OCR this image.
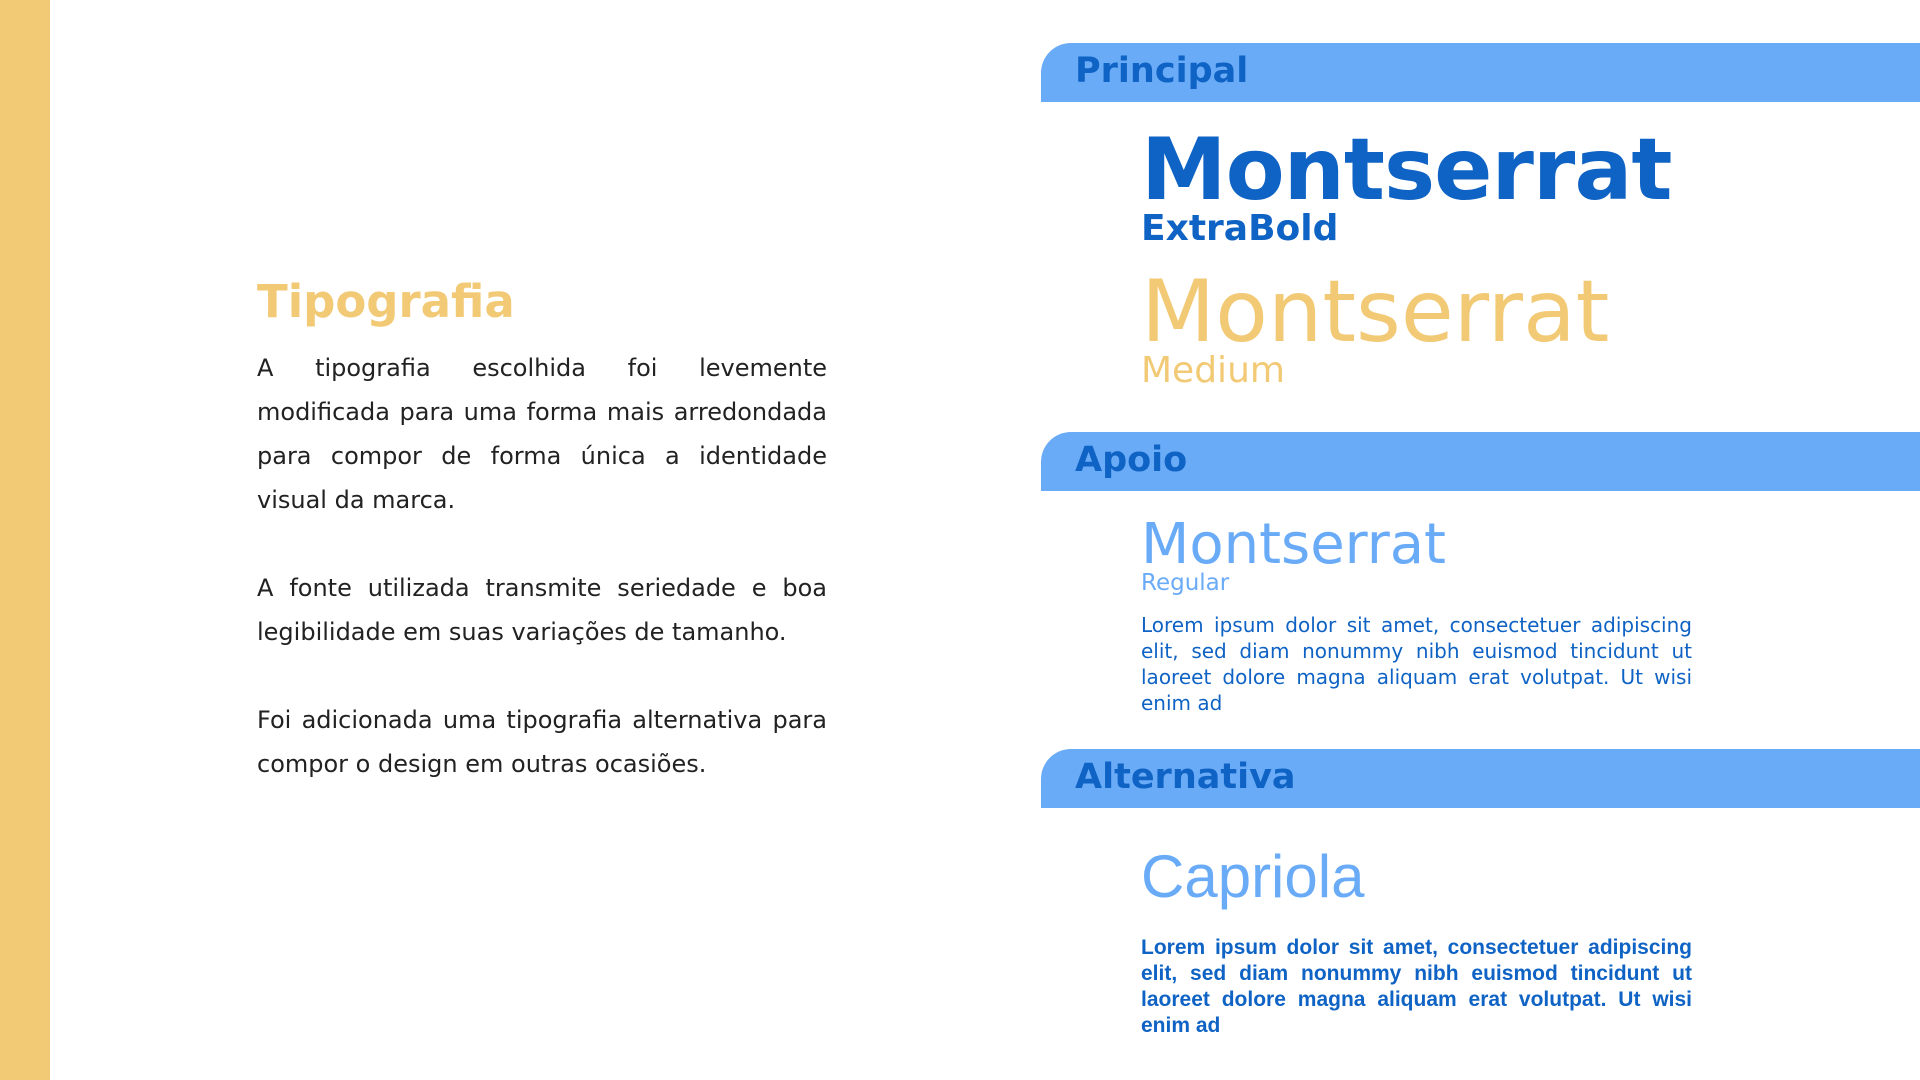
Tipografia

A tipografia escolhida foi levemente modificada para uma forma mais arredondada para compor de forma única a identidade visual da marca.

A fonte utilizada transmite seriedade e boa legibilidade em suas variações de tamanho.

Foi adicionada uma tipografia alternativa para compor o design em outras ocasiões.

Principal
Montserrat
ExtraBold
Montserrat
Medium
Apoio
Montserrat
Regular
Lorem ipsum dolor sit amet, consectetuer adipiscing elit, sed diam nonummy nibh euismod tincidunt ut laoreet dolore magna aliquam erat volutpat. Ut wisi enim ad
Alternativa
Capriola
Lorem ipsum dolor sit amet, consectetuer adipiscing elit, sed diam nonummy nibh euismod tincidunt ut laoreet dolore magna aliquam erat volutpat. Ut wisi enim ad
